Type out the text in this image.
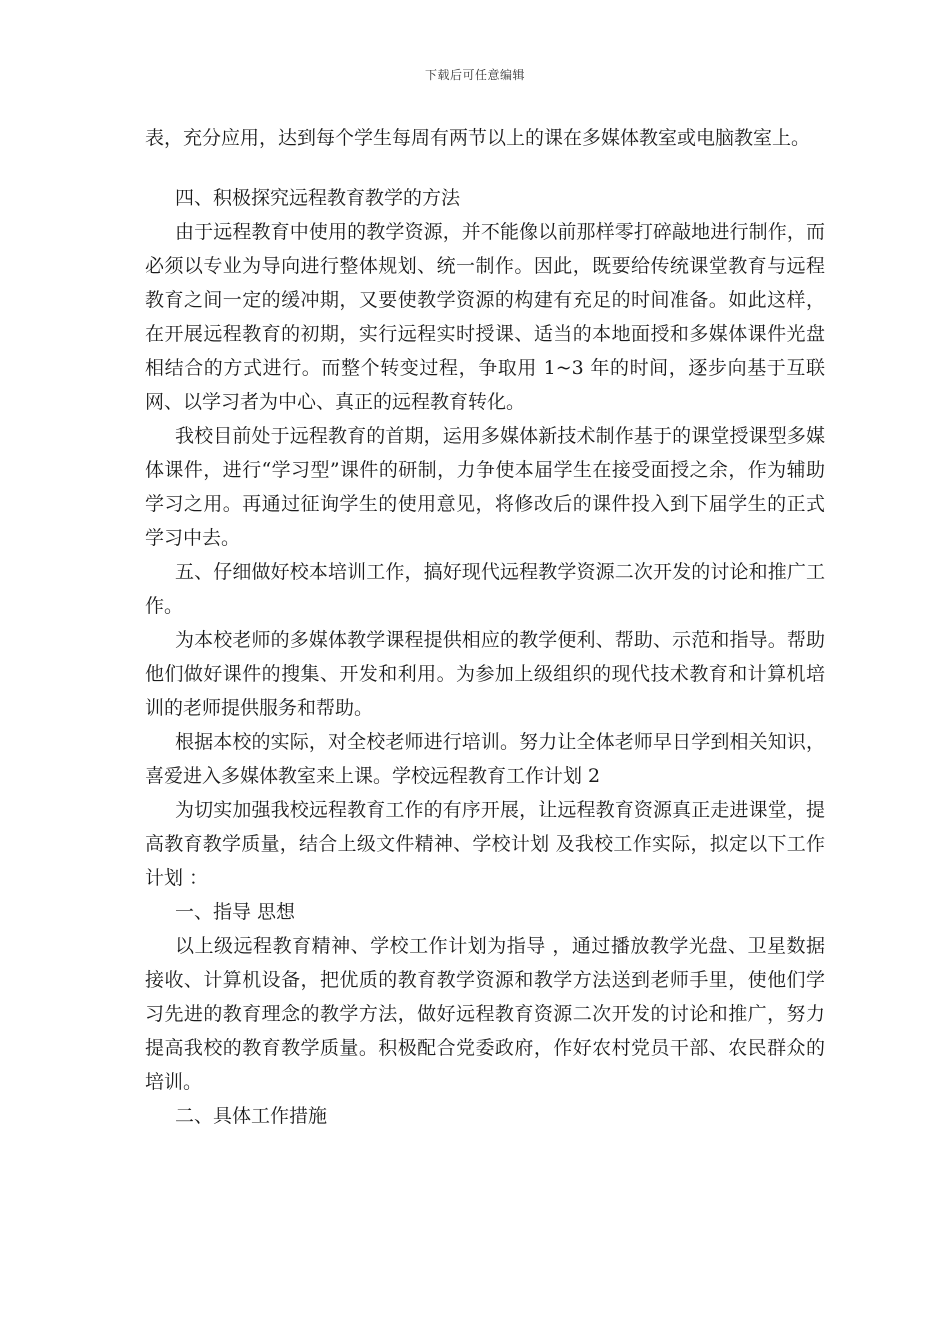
下载后可任意编辑

表，充分应用，达到每个学生每周有两节以上的课在多媒体教室或电脑教室上。

四、积极探究远程教育教学的方法

由于远程教育中使用的教学资源，并不能像以前那样零打碎敲地进行制作，而必须以专业为导向进行整体规划、统一制作。因此，既要给传统课堂教育与远程教育之间一定的缓冲期，又要使教学资源的构建有充足的时间准备。如此这样，在开展远程教育的初期，实行远程实时授课、适当的本地面授和多媒体课件光盘相结合的方式进行。而整个转变过程，争取用 1~3 年的时间，逐步向基于互联网、以学习者为中心、真正的远程教育转化。

我校目前处于远程教育的首期，运用多媒体新技术制作基于的课堂授课型多媒体课件，进行“学习型”课件的研制，力争使本届学生在接受面授之余，作为辅助学习之用。再通过征询学生的使用意见，将修改后的课件投入到下届学生的正式学习中去。

五、仔细做好校本培训工作，搞好现代远程教学资源二次开发的讨论和推广工作。

为本校老师的多媒体教学课程提供相应的教学便利、帮助、示范和指导。帮助他们做好课件的搜集、开发和利用。为参加上级组织的现代技术教育和计算机培训的老师提供服务和帮助。

根据本校的实际，对全校老师进行培训。努力让全体老师早日学到相关知识，喜爱进入多媒体教室来上课。学校远程教育工作计划 2

为切实加强我校远程教育工作的有序开展，让远程教育资源真正走进课堂，提高教育教学质量，结合上级文件精神、学校计划 及我校工作实际，拟定以下工作计划 ：

一、指导 思想

以上级远程教育精神、学校工作计划为指导 ，通过播放教学光盘、卫星数据接收、计算机设备，把优质的教育教学资源和教学方法送到老师手里，使他们学习先进的教育理念的教学方法，做好远程教育资源二次开发的讨论和推广，努力提高我校的教育教学质量。积极配合党委政府，作好农村党员干部、农民群众的培训。

二、具体工作措施
